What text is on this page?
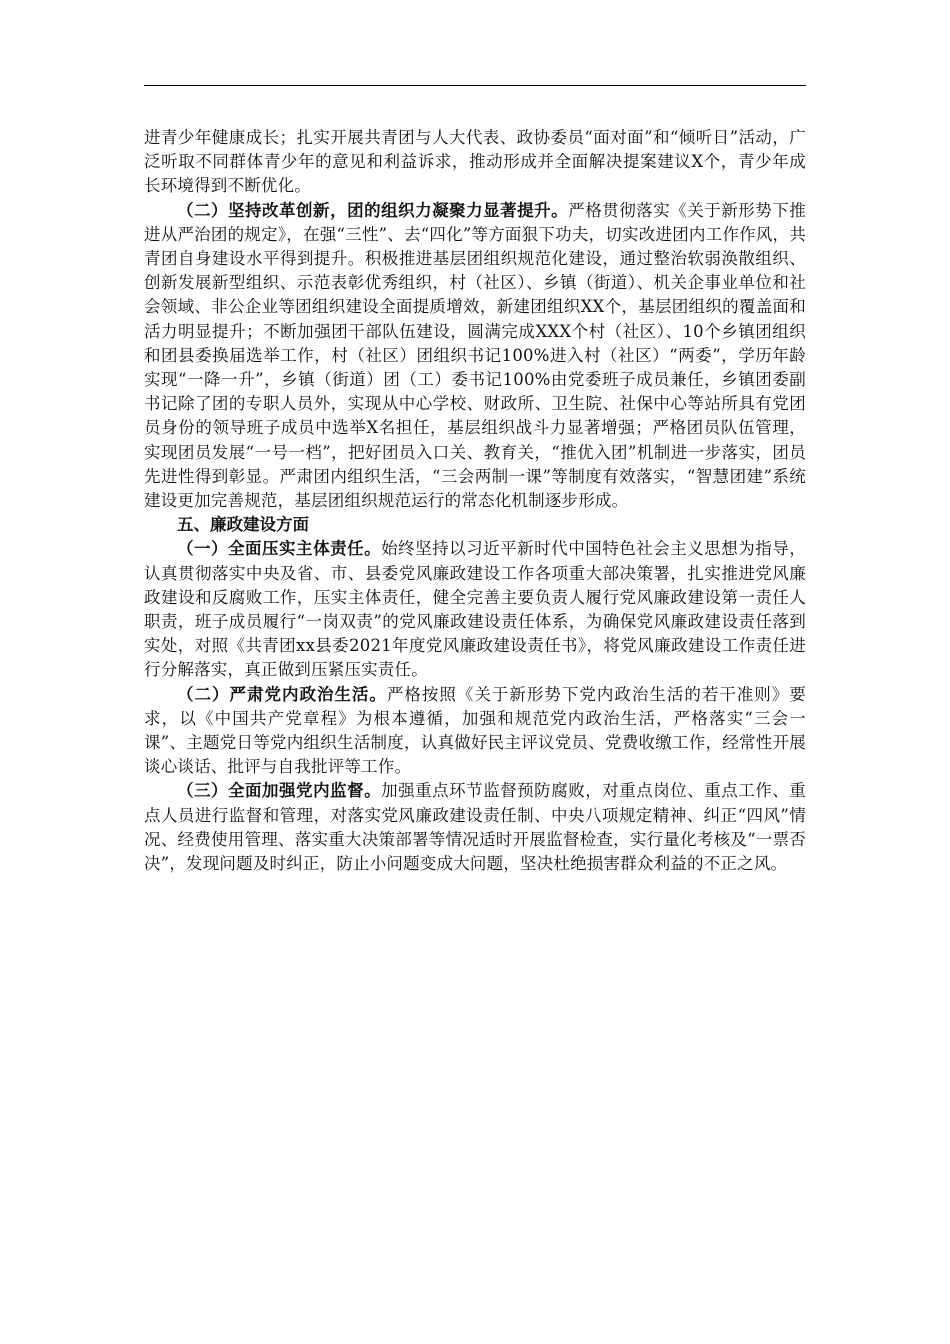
进青少年健康成长；扎实开展共青团与人大代表、政协委员“面对面”和“倾听日”活动，广泛听取不同群体青少年的意见和利益诉求，推动形成并全面解决提案建议X个，青少年成长环境得到不断优化。

（二）坚持改革创新，团的组织力凝聚力显著提升。严格贯彻落实《关于新形势下推进从严治团的规定》，在强“三性”、去“四化”等方面狠下功夫，切实改进团内工作作风，共青团自身建设水平得到提升。积极推进基层团组织规范化建设，通过整治软弱涣散组织、创新发展新型组织、示范表彰优秀组织，村（社区）、乡镇（街道）、机关企事业单位和社会领域、非公企业等团组织建设全面提质增效，新建团组织XX个，基层团组织的覆盖面和活力明显提升；不断加强团干部队伍建设，圆满完成XXX个村（社区）、10个乡镇团组织和团县委换届选举工作，村（社区）团组织书记100%进入村（社区）“两委”，学历年龄实现“一降一升”，乡镇（街道）团（工）委书记100%由党委班子成员兼任，乡镇团委副书记除了团的专职人员外，实现从中心学校、财政所、卫生院、社保中心等站所具有党团员身份的领导班子成员中选举X名担任，基层组织战斗力显著增强；严格团员队伍管理，实现团员发展“一号一档”，把好团员入口关、教育关，“推优入团”机制进一步落实，团员先进性得到彰显。严肃团内组织生活，“三会两制一课”等制度有效落实，“智慧团建”系统建设更加完善规范，基层团组织规范运行的常态化机制逐步形成。

五、廉政建设方面

（一）全面压实主体责任。始终坚持以习近平新时代中国特色社会主义思想为指导，认真贯彻落实中央及省、市、县委党风廉政建设工作各项重大部决策署，扎实推进党风廉政建设和反腐败工作，压实主体责任，健全完善主要负责人履行党风廉政建设第一责任人职责，班子成员履行“一岗双责”的党风廉政建设责任体系，为确保党风廉政建设责任落到实处，对照《共青团xx县委2021年度党风廉政建设责任书》，将党风廉政建设工作责任进行分解落实，真正做到压紧压实责任。

（二）严肃党内政治生活。严格按照《关于新形势下党内政治生活的若干准则》要求，以《中国共产党章程》为根本遵循，加强和规范党内政治生活，严格落实“三会一课”、主题党日等党内组织生活制度，认真做好民主评议党员、党费收缴工作，经常性开展谈心谈话、批评与自我批评等工作。

（三）全面加强党内监督。加强重点环节监督预防腐败，对重点岗位、重点工作、重点人员进行监督和管理，对落实党风廉政建设责任制、中央八项规定精神、纠正“四风”情况、经费使用管理、落实重大决策部署等情况适时开展监督检查，实行量化考核及“一票否决”，发现问题及时纠正，防止小问题变成大问题，坚决杜绝损害群众利益的不正之风。
